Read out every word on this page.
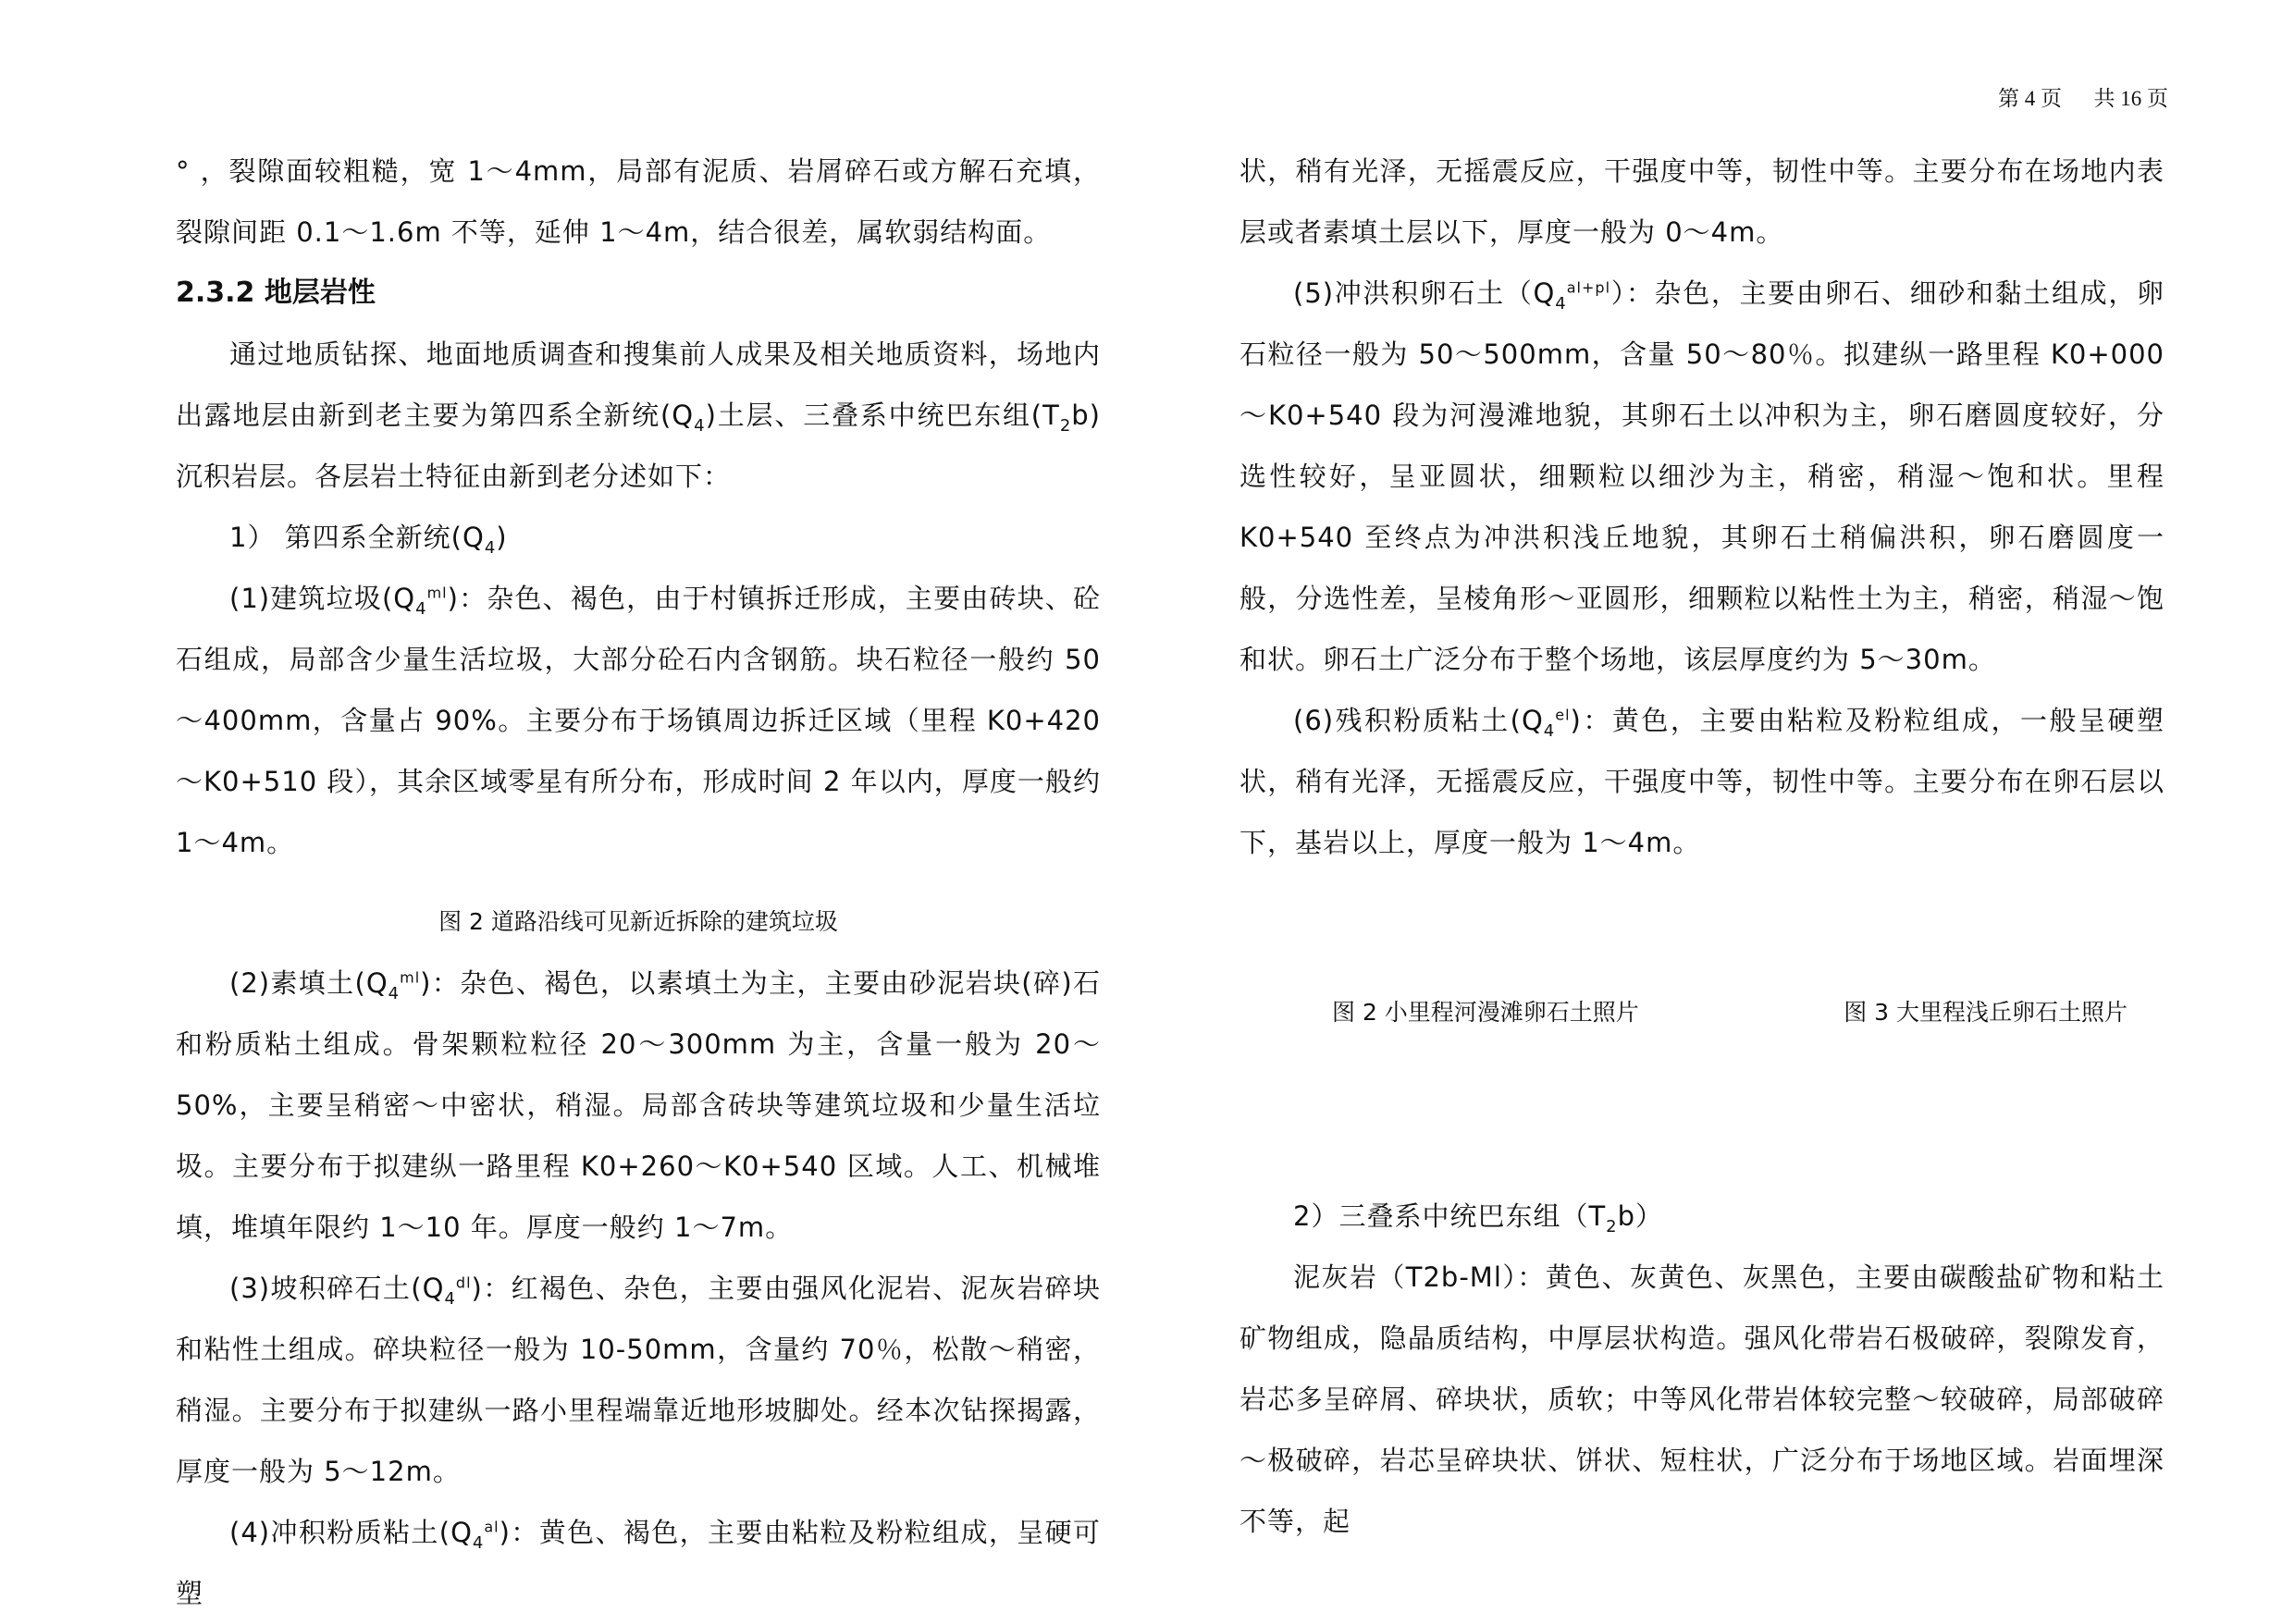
第 4 页      共 16 页

° ，裂隙面较粗糙，宽 1～4mm，局部有泥质、岩屑碎石或方解石充填，裂隙间距 0.1～1.6m 不等，延伸 1～4m，结合很差，属软弱结构面。

2.3.2 地层岩性

通过地质钻探、地面地质调查和搜集前人成果及相关地质资料，场地内出露地层由新到老主要为第四系全新统$(Q_4)$土层、三叠系中统巴东组$(T_2b)$沉积岩层。各层岩土特征由新到老分述如下：

1） 第四系全新统$(Q_4)$

(1)建筑垃圾$(Q_4^{ml})$：杂色、褐色，由于村镇拆迁形成，主要由砖块、砼石组成，局部含少量生活垃圾，大部分砼石内含钢筋。块石粒径一般约 50～400mm，含量占 90%。主要分布于场镇周边拆迁区域（里程 K0+420～K0+510 段），其余区域零星有所分布，形成时间 2 年以内，厚度一般约 1～4m。

图 2 道路沿线可见新近拆除的建筑垃圾

(2)素填土$(Q_4^{ml})$：杂色、褐色，以素填土为主，主要由砂泥岩块(碎)石和粉质粘土组成。骨架颗粒粒径 20～300mm 为主，含量一般为 20～50%，主要呈稍密～中密状，稍湿。局部含砖块等建筑垃圾和少量生活垃圾。主要分布于拟建纵一路里程 K0+260～K0+540 区域。人工、机械堆填，堆填年限约 1～10 年。厚度一般约 1～7m。

(3)坡积碎石土$(Q_4^{dl})$：红褐色、杂色，主要由强风化泥岩、泥灰岩碎块和粘性土组成。碎块粒径一般为 10-50mm，含量约 70％，松散～稍密，稍湿。主要分布于拟建纵一路小里程端靠近地形坡脚处。经本次钻探揭露，厚度一般为 5～12m。

(4)冲积粉质粘土$(Q_4^{al})$：黄色、褐色，主要由粘粒及粉粒组成，呈硬可塑

状，稍有光泽，无摇震反应，干强度中等，韧性中等。主要分布在场地内表层或者素填土层以下，厚度一般为 0～4m。

(5)冲洪积卵石土$(Q_4^{al+pl})$：杂色，主要由卵石、细砂和黏土组成，卵石粒径一般为 50～500mm，含量 50～80％。拟建纵一路里程 K0+000～K0+540 段为河漫滩地貌，其卵石土以冲积为主，卵石磨圆度较好，分选性较好，呈亚圆状，细颗粒以细沙为主，稍密，稍湿～饱和状。里程 K0+540 至终点为冲洪积浅丘地貌，其卵石土稍偏洪积，卵石磨圆度一般，分选性差，呈棱角形～亚圆形，细颗粒以粘性土为主，稍密，稍湿～饱和状。卵石土广泛分布于整个场地，该层厚度约为 5～30m。

(6)残积粉质粘土$(Q_4^{el})$：黄色，主要由粘粒及粉粒组成，一般呈硬塑状，稍有光泽，无摇震反应，干强度中等，韧性中等。主要分布在卵石层以下，基岩以上，厚度一般为 1～4m。

图 2 小里程河漫滩卵石土照片	图 3 大里程浅丘卵石土照片

2）三叠系中统巴东组$(T_2b)$

泥灰岩（T2b-Ml）：黄色、灰黄色、灰黑色，主要由碳酸盐矿物和粘土矿物组成，隐晶质结构，中厚层状构造。强风化带岩石极破碎，裂隙发育，岩芯多呈碎屑、碎块状，质软；中等风化带岩体较完整～较破碎，局部破碎～极破碎，岩芯呈碎块状、饼状、短柱状，广泛分布于场地区域。岩面埋深不等，起
